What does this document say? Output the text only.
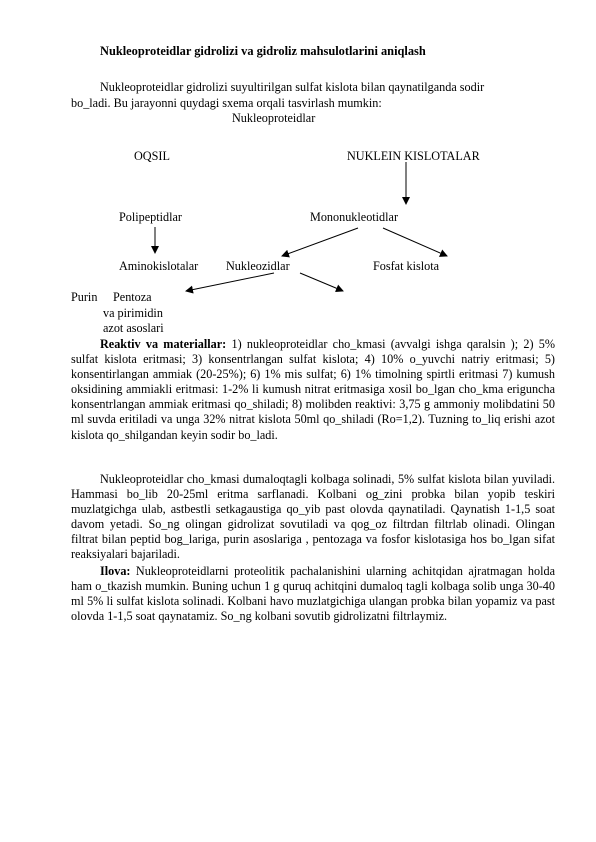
Nukleoproteidlar gidrolizi va gidroliz mahsulotlarini aniqlash
Nukleoproteidlar gidrolizi suyultirilgan sulfat kislota bilan qaynatilganda sodir
bo_ladi. Bu jarayonni quydagi sxema orqali tasvirlash mumkin:
Nukleoproteidlar
OQSIL	NUKLEIN KISLOTALAR
Polipeptidlar	Mononukleotidlar
Aminokislotalar Nukleozidlar	Fosfat kislota
Purin Pentoza
va pirimidin
azot asoslari
Reaktiv va materiallar: 1) nukleoproteidlar cho_kmasi (avvalgi ishga qaralsin ); 2) 5% sulfat kislota eritmasi; 3) konsentrlangan sulfat kislota; 4) 10% o_yuvchi natriy eritmasi; 5) konsentirlangan ammiak (20-25%); 6) 1% mis sulfat; 6) 1% timolning spirtli eritmasi 7) kumush oksidining ammiakli eritmasi: 1-2% li kumush nitrat eritmasiga xosil bo_lgan cho_kma eriguncha konsentrlangan ammiak eritmasi qo_shiladi; 8) molibden reaktivi: 3,75 g ammoniy molibdatini 50 ml suvda eritiladi va unga 32% nitrat kislota 50ml qo_shiladi (Ro=1,2). Tuzning to_liq erishi azot kislota qo_shilgandan keyin sodir bo_ladi.
Nukleoproteidlar cho_kmasi dumaloqtagli kolbaga solinadi, 5% sulfat kislota bilan yuviladi. Hammasi bo_lib 20-25ml eritma sarflanadi. Kolbani og_zini probka bilan yopib teskiri muzlatgichga ulab, astbestli setkagaustiga qo_yib past olovda qaynatiladi. Qaynatish 1-1,5 soat davom yetadi. So_ng olingan gidrolizat sovutiladi va qog_oz filtrdan filtrlab olinadi. Olingan filtrat bilan peptid bog_lariga, purin asoslariga , pentozaga va fosfor kislotasiga hos bo_lgan sifat reaksiyalari bajariladi.
Ilova: Nukleoproteidlarni proteolitik pachalanishini ularning achitqidan ajratmagan holda ham o_tkazish mumkin. Buning uchun 1 g quruq achitqini dumaloq tagli kolbaga solib unga 30-40 ml 5% li sulfat kislota solinadi. Kolbani havo muzlatgichiga ulangan probka bilan yopamiz va past olovda 1-1,5 soat qaynatamiz. So_ng kolbani sovutib gidrolizatni filtrlaymiz.
